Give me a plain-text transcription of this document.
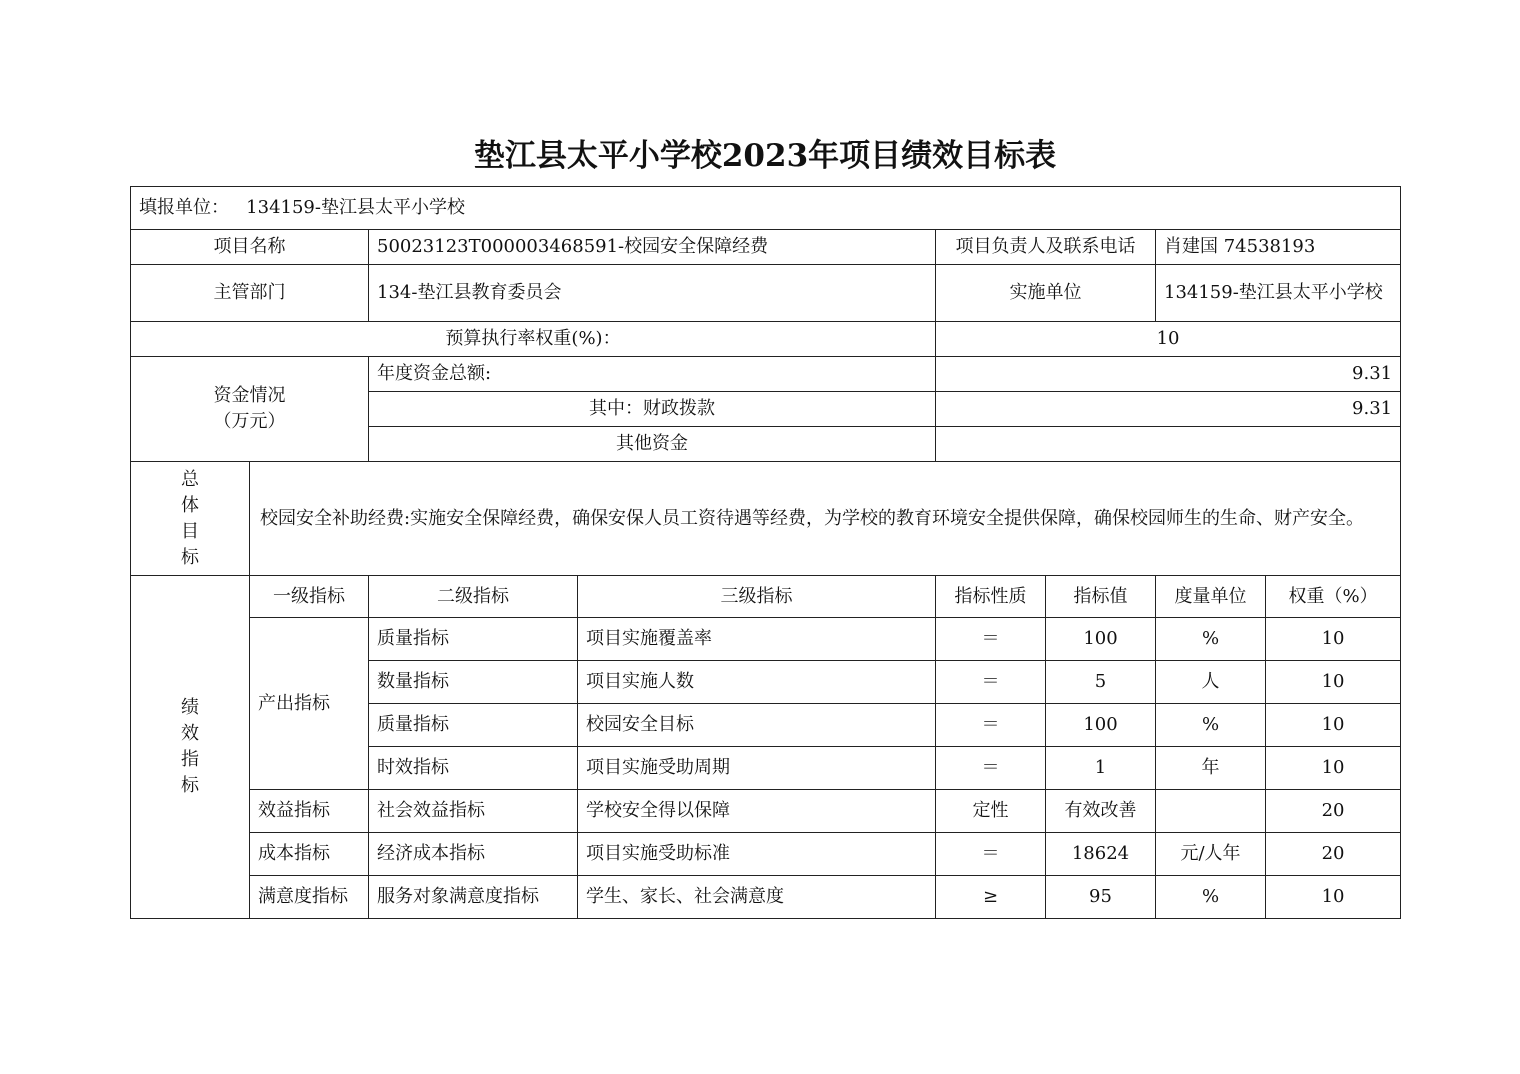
垫江县太平小学校2023年项目绩效目标表
填报单位： 134159-垫江县太平小学校							
项目名称		50023123T000003468591-校园安全保障经费		项目负责人及联系电话		肖建国 74538193	
主管部门		134-垫江县教育委员会		实施单位		134159-垫江县太平小学校	
预算执行率权重(%)：				10			

资金情况
（万元）		年度资金总额:		9.31			
		其中：财政拨款		9.31			
		其他资金					

总
体
目
标	校园安全补助经费:实施安全保障经费，确保安保人员工资待遇等经费，为学校的教育环境安全提供保障，确保校园师生的生命、财产安全。						

绩
效
指
标	一级指标	二级指标	三级指标	指标性质	指标值	度量单位	权重（%）
	产出指标	质量指标	项目实施覆盖率	＝	100	%	10
		数量指标	项目实施人数	＝	5	人	10
		质量指标	校园安全目标	＝	100	%	10
		时效指标	项目实施受助周期	＝	1	年	10
	效益指标	社会效益指标	学校安全得以保障	定性	有效改善		20
	成本指标	经济成本指标	项目实施受助标准	＝	18624	元/人年	20
	满意度指标	服务对象满意度指标	学生、家长、社会满意度	≥	95	%	10
